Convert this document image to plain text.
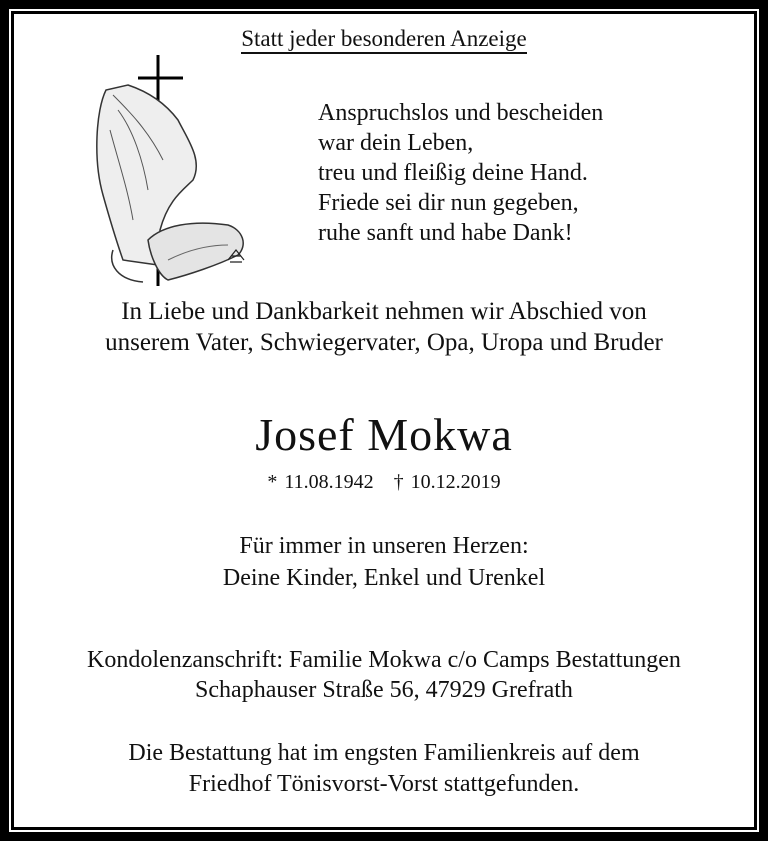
Statt jeder besonderen Anzeige
Anspruchslos und bescheiden
war dein Leben,
treu und fleißig deine Hand.
Friede sei dir nun gegeben,
ruhe sanft und habe Dank!
In Liebe und Dankbarkeit nehmen wir Abschied von
unserem Vater, Schwiegervater, Opa, Uropa und Bruder
Josef Mokwa
* 11.08.1942 † 10.12.2019
Für immer in unseren Herzen:
Deine Kinder, Enkel und Urenkel
Kondolenzanschrift: Familie Mokwa c/o Camps Bestattungen
Schaphauser Straße 56, 47929 Grefrath
Die Bestattung hat im engsten Familienkreis auf dem
Friedhof Tönisvorst-Vorst stattgefunden.
